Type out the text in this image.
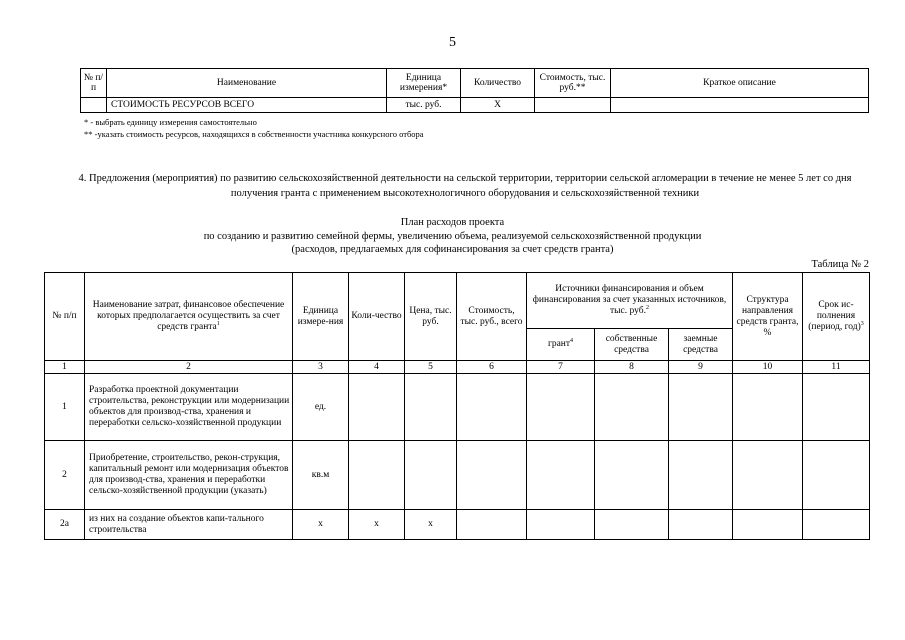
5
№ п/п	Наименование	Единица измерения*	Количество	Стоимость, тыс. руб.**	Краткое описание
	СТОИМОСТЬ РЕСУРСОВ ВСЕГО	тыс. руб.	Х		
* - выбрать единицу измерения самостоятельно
** -указать стоимость ресурсов, находящихся в собственности участника конкурсного отбора
4. Предложения (мероприятия) по развитию сельскохозяйственной деятельности на сельской территории, территории сельской агломерации в течение не менее 5 лет со дня получения гранта с применением высокотехнологичного оборудования и сельскохозяйственной техники
План расходов проекта
по созданию и развитию семейной фермы, увеличению объема, реализуемой сельскохозяйственной продукции
(расходов, предлагаемых для софинансирования за счет средств гранта)
Таблица № 2
№ п/п	Наименование затрат, финансовое обеспечение которых предполагается осуществить за счет средств гранта$^1$	Единица измере-ния	Коли-чество	Цена, тыс. руб.	Стоимость, тыс. руб., всего	Источники финансирования и объем финансирования за счет указанных источников, тыс. руб.$^2$			Структура направления средств гранта, %	Срок ис-полнения (период, год)$^3$
						грант$^4$	собственные средства	заемные средства		
1	2	3	4	5	6	7	8	9	10	11
1	Разработка проектной документации строительства, реконструкции или модернизации объектов для производ-ства, хранения и переработки сельско-хозяйственной продукции	ед.								
2	Приобретение, строительство, рекон-струкция, капитальный ремонт или модернизация объектов для производ-ства, хранения и переработки сельско-хозяйственной продукции (указать)	кв.м								
2а	из них на создание объектов капи-тального строительства	х	х	х						
